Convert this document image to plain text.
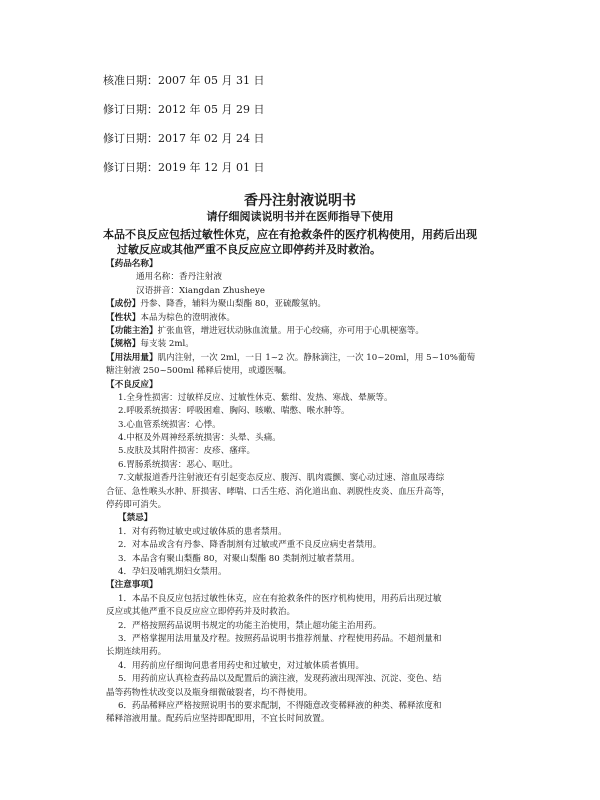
核准日期：2007 年 05 月 31 日
修订日期：2012 年 05 月 29 日
修订日期：2017 年 02 月 24 日
修订日期：2019 年 12 月 01 日
香丹注射液说明书
请仔细阅读说明书并在医师指导下使用
本品不良反应包括过敏性休克，应在有抢救条件的医疗机构使用，用药后出现
过敏反应或其他严重不良反应应立即停药并及时救治。
【药品名称】
通用名称：香丹注射液
汉语拼音：Xiangdan Zhusheye
【成份】丹参、降香，辅料为聚山梨酯 80，亚硫酸氢钠。
【性状】本品为棕色的澄明液体。
【功能主治】扩张血管，增进冠状动脉血流量。用于心绞痛，亦可用于心肌梗塞等。
【规格】每支装 2ml。
【用法用量】肌内注射，一次 2ml，一日 1~2 次。静脉滴注，一次 10~20ml，用 5~10%葡萄
糖注射液 250~500ml 稀释后使用，或遵医嘱。
【不良反应】
1.全身性损害：过敏样反应、过敏性休克、紫绀、发热、寒战、晕厥等。
2.呼吸系统损害：呼吸困难、胸闷、咳嗽、喘憋、喉水肿等。
3.心血管系统损害：心悸。
4.中枢及外周神经系统损害：头晕、头痛。
5.皮肤及其附件损害：皮疹、瘙痒。
6.胃肠系统损害：恶心、呕吐。
7.文献报道香丹注射液还有引起变态反应、腹泻、肌肉震颤、窦心动过速、溶血尿毒综
合征、急性喉头水肿、肝损害、哮喘、口舌生疮、消化道出血、剥脱性皮炎、血压升高等，
停药即可消失。
【禁忌】
1．对有药物过敏史或过敏体质的患者禁用。
2．对本品或含有丹参、降香制剂有过敏或严重不良反应病史者禁用。
3．本品含有聚山梨酯 80，对聚山梨酯 80 类制剂过敏者禁用。
4．孕妇及哺乳期妇女禁用。
【注意事项】
1．本品不良反应包括过敏性休克，应在有抢救条件的医疗机构使用，用药后出现过敏
反应或其他严重不良反应应立即停药并及时救治。
2．严格按照药品说明书规定的功能主治使用，禁止超功能主治用药。
3．严格掌握用法用量及疗程。按照药品说明书推荐剂量、疗程使用药品。不超剂量和
长期连续用药。
4．用药前应仔细询问患者用药史和过敏史，对过敏体质者慎用。
5．用药前应认真检查药品以及配置后的滴注液，发现药液出现浑浊、沉淀、变色、结
晶等药物性状改变以及瓶身细微破裂者，均不得使用。
6．药品稀释应严格按照说明书的要求配制，不得随意改变稀释液的种类、稀释浓度和
稀释溶液用量。配药后应坚持即配即用，不宜长时间放置。
